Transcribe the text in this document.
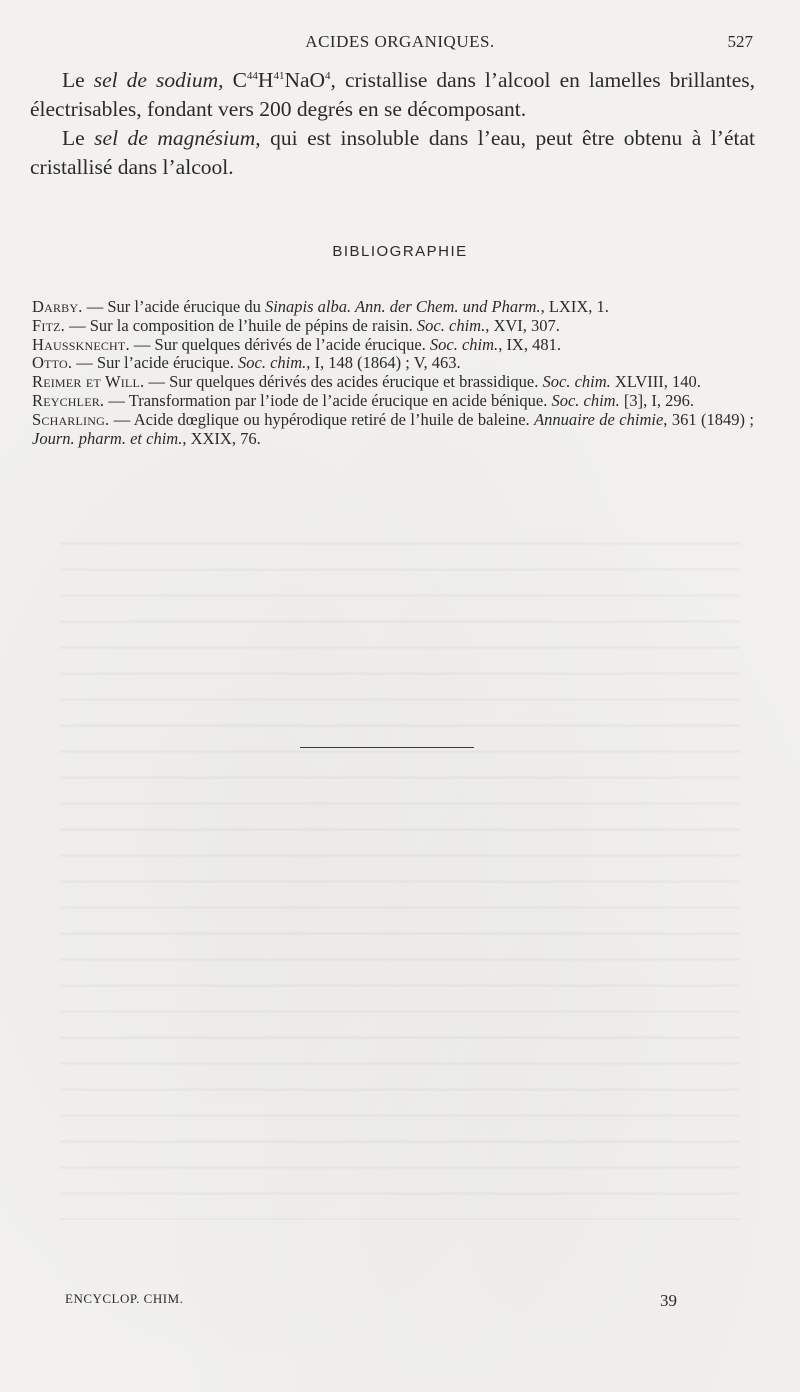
ACIDES ORGANIQUES.	527

Le sel de sodium, $C^{44}H^{41}NaO^4$, cristallise dans l’alcool en lamelles brillantes, électrisables, fondant vers 200 degrés en se décomposant.

Le sel de magnésium, qui est insoluble dans l’eau, peut être obtenu à l’état cristallisé dans l’alcool.

BIBLIOGRAPHIE

Darby. — Sur l’acide érucique du Sinapis alba. Ann. der Chem. und Pharm., LXIX, 1.

Fitz. — Sur la composition de l’huile de pépins de raisin. Soc. chim., XVI, 307.

Haussknecht. — Sur quelques dérivés de l’acide érucique. Soc. chim., IX, 481.

Otto. — Sur l’acide érucique. Soc. chim., I, 148 (1864) ; V, 463.

Reimer et Will. — Sur quelques dérivés des acides érucique et brassidique. Soc. chim. XLVIII, 140.

Reychler. — Transformation par l’iode de l’acide érucique en acide bénique. Soc. chim. [3], I, 296.

Scharling. — Acide dœglique ou hypérodique retiré de l’huile de baleine. Annuaire de chimie, 361 (1849) ; Journ. pharm. et chim., XXIX, 76.

ENCYCLOP. CHIM.	39
